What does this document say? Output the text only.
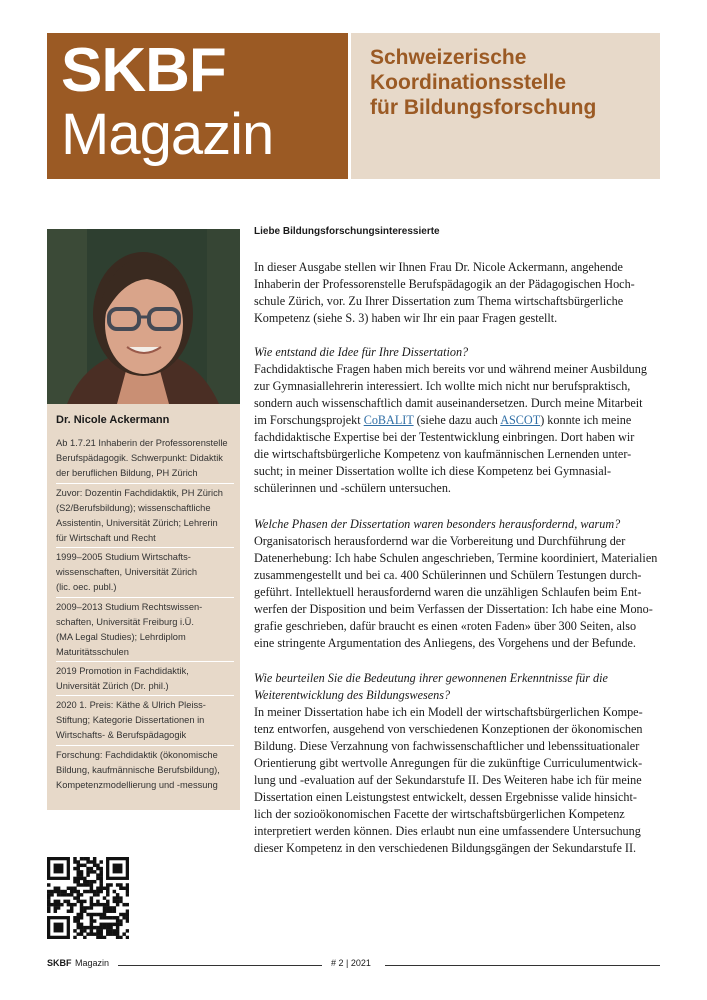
SKBF
Magazin
Schweizerische
Koordinationsstelle
für Bildungsforschung
Dr. Nicole Ackermann
Ab 1.7.21 Inhaberin der Professorenstelle
Berufspädagogik. Schwerpunkt: Didaktik
der beruflichen Bildung, PH Zürich
Zuvor: Dozentin Fachdidaktik, PH Zürich
(S2/Berufsbildung); wissenschaftliche
Assistentin, Universität Zürich; Lehrerin
für Wirtschaft und Recht
1999–2005 Studium Wirtschafts-
wissenschaften, Universität Zürich
(lic. oec. publ.)
2009–2013 Studium Rechtswissen-
schaften, Universität Freiburg i.Ü.
(MA Legal Studies); Lehrdiplom
Maturitätsschulen
2019 Promotion in Fachdidaktik,
Universität Zürich (Dr. phil.)
2020 1. Preis: Käthe & Ulrich Pleiss-
Stiftung; Kategorie Dissertationen in
Wirtschafts- & Berufspädagogik
Forschung: Fachdidaktik (ökonomische
Bildung, kaufmännische Berufsbildung),
Kompetenzmodellierung und -messung
Liebe Bildungsforschungsinteressierte
In dieser Ausgabe stellen wir Ihnen Frau Dr. Nicole Ackermann, angehende
Inhaberin der Professorenstelle Berufspädagogik an der Pädagogischen Hoch-
schule Zürich, vor. Zu Ihrer Dissertation zum Thema wirtschaftsbürgerliche
Kompetenz (siehe S. 3) haben wir Ihr ein paar Fragen gestellt.
Wie entstand die Idee für Ihre Dissertation?
Fachdidaktische Fragen haben mich bereits vor und während meiner Ausbildung
zur Gymnasiallehrerin interessiert. Ich wollte mich nicht nur berufspraktisch,
sondern auch wissenschaftlich damit auseinandersetzen. Durch meine Mitarbeit
im Forschungsprojekt CoBALIT (siehe dazu auch ASCOT) konnte ich meine
fachdidaktische Expertise bei der Testentwicklung einbringen. Dort haben wir
die wirtschaftsbürgerliche Kompetenz von kaufmännischen Lernenden unter-
sucht; in meiner Dissertation wollte ich diese Kompetenz bei Gymnasial-
schülerinnen und -schülern untersuchen.
Welche Phasen der Dissertation waren besonders herausfordernd, warum?
Organisatorisch herausfordernd war die Vorbereitung und Durchführung der
Datenerhebung: Ich habe Schulen angeschrieben, Termine koordiniert, Materialien
zusammengestellt und bei ca. 400 Schülerinnen und Schülern Testungen durch-
geführt. Intellektuell herausfordernd waren die unzähligen Schlaufen beim Ent-
werfen der Disposition und beim Verfassen der Dissertation: Ich habe eine Mono-
grafie geschrieben, dafür braucht es einen «roten Faden» über 300 Seiten, also
eine stringente Argumentation des Anliegens, des Vorgehens und der Befunde.
Wie beurteilen Sie die Bedeutung ihrer gewonnenen Erkenntnisse für die
Weiterentwicklung des Bildungswesens?
In meiner Dissertation habe ich ein Modell der wirtschaftsbürgerlichen Kompe-
tenz entworfen, ausgehend von verschiedenen Konzeptionen der ökonomischen
Bildung. Diese Verzahnung von fachwissenschaftlicher und lebenssituationaler
Orientierung gibt wertvolle Anregungen für die zukünftige Curriculumentwick-
lung und -evaluation auf der Sekundarstufe II. Des Weiteren habe ich für meine
Dissertation einen Leistungstest entwickelt, dessen Ergebnisse valide hinsicht-
lich der sozioökonomischen Facette der wirtschaftsbürgerlichen Kompetenz
interpretiert werden können. Dies erlaubt nun eine umfassendere Untersuchung
dieser Kompetenz in den verschiedenen Bildungsgängen der Sekundarstufe II.
SKBF Magazin	# 2 | 2021
